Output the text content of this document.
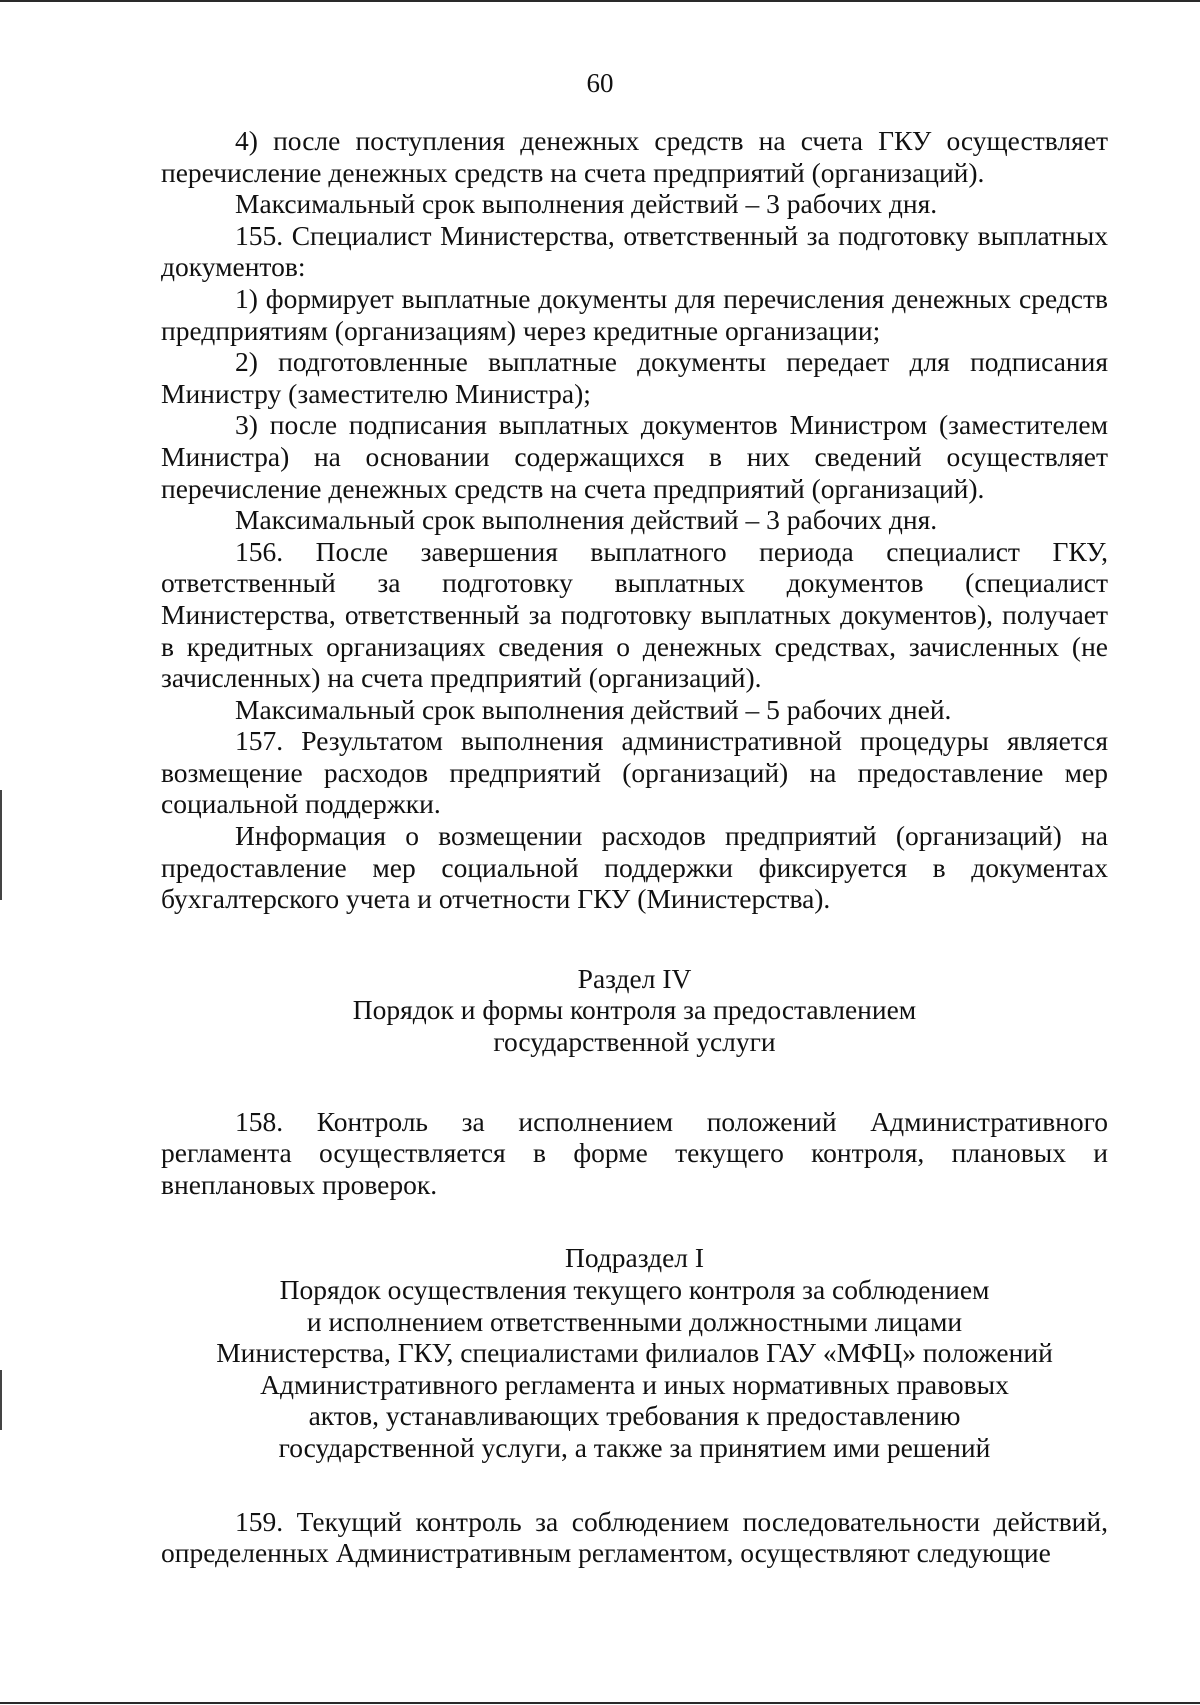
60

4) после поступления денежных средств на счета ГКУ осуществляет перечисление денежных средств на счета предприятий (организаций).

Максимальный срок выполнения действий – 3 рабочих дня.

155. Специалист Министерства, ответственный за подготовку выплатных документов:

1) формирует выплатные документы для перечисления денежных средств предприятиям (организациям) через кредитные организации;

2) подготовленные выплатные документы передает для подписания Министру (заместителю Министра);

3) после подписания выплатных документов Министром (заместителем Министра) на основании содержащихся в них сведений осуществляет перечисление денежных средств на счета предприятий (организаций).

Максимальный срок выполнения действий – 3 рабочих дня.

156. После завершения выплатного периода специалист ГКУ, ответственный за подготовку выплатных документов (специалист Министерства, ответственный за подготовку выплатных документов), получает в кредитных организациях сведения о денежных средствах, зачисленных (не зачисленных) на счета предприятий (организаций).

Максимальный срок выполнения действий – 5 рабочих дней.

157. Результатом выполнения административной процедуры является возмещение расходов предприятий (организаций) на предоставление мер социальной поддержки.

Информация о возмещении расходов предприятий (организаций) на предоставление мер социальной поддержки фиксируется в документах бухгалтерского учета и отчетности ГКУ (Министерства).

Раздел IV
Порядок и формы контроля за предоставлением
государственной услуги

158. Контроль за исполнением положений Административного регламента осуществляется в форме текущего контроля, плановых и внеплановых проверок.

Подраздел I
Порядок осуществления текущего контроля за соблюдением
и исполнением ответственными должностными лицами
Министерства, ГКУ, специалистами филиалов ГАУ «МФЦ» положений
Административного регламента и иных нормативных правовых
актов, устанавливающих требования к предоставлению
государственной услуги, а также за принятием ими решений

159. Текущий контроль за соблюдением последовательности действий, определенных Административным регламентом, осуществляют следующие
